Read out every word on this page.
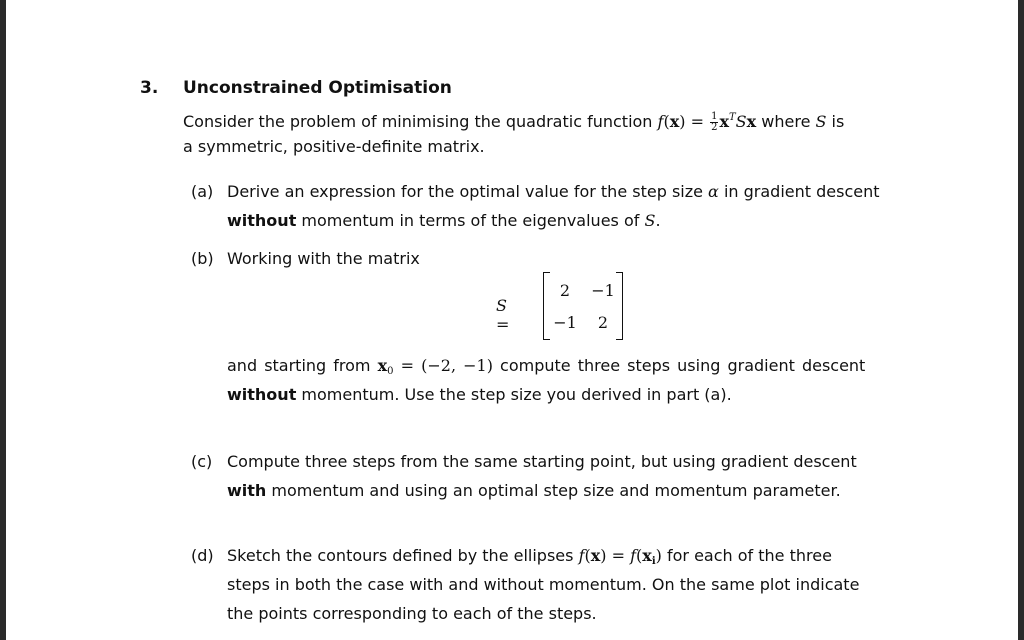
3. Unconstrained Optimisation
Consider the problem of minimising the quadratic function $f(x) = \frac{1}{2} x^TSx$ where S is
a symmetric, positive-definite matrix.
(a) Derive an expression for the optimal value for the step size α in gradient descent
without momentum in terms of the eigenvalues of S.
(b) Working with the matrix
S =
2	−1
−1	2
and starting from $x_0 = (-2$, −1) compute three steps using gradient descent
without momentum. Use the step size you derived in part (a).
(c) Compute three steps from the same starting point, but using gradient descent
with momentum and using an optimal step size and momentum parameter.
(d) Sketch the contours defined by the ellipses $f(x) = f(x_i)$ for each of the three
steps in both the case with and without momentum. On the same plot indicate
the points corresponding to each of the steps.
